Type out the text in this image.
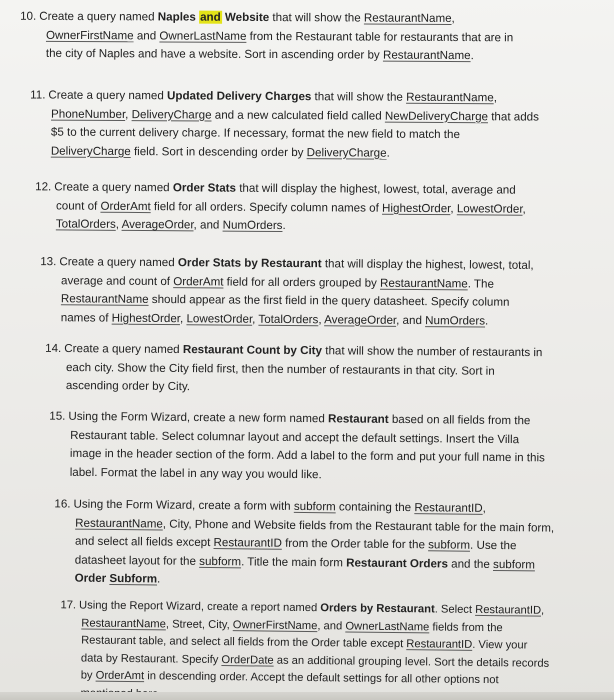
10. Create a query named Naples and Website that will show the RestaurantName,
OwnerFirstName and OwnerLastName from the Restaurant table for restaurants that are in
the city of Naples and have a website. Sort in ascending order by RestaurantName.
11. Create a query named Updated Delivery Charges that will show the RestaurantName,
PhoneNumber, DeliveryCharge and a new calculated field called NewDeliveryCharge that adds
$5 to the current delivery charge. If necessary, format the new field to match the
DeliveryCharge field. Sort in descending order by DeliveryCharge.
12. Create a query named Order Stats that will display the highest, lowest, total, average and
count of OrderAmt field for all orders. Specify column names of HighestOrder, LowestOrder,
TotalOrders, AverageOrder, and NumOrders.
13. Create a query named Order Stats by Restaurant that will display the highest, lowest, total,
average and count of OrderAmt field for all orders grouped by RestaurantName. The
RestaurantName should appear as the first field in the query datasheet. Specify column
names of HighestOrder, LowestOrder, TotalOrders, AverageOrder, and NumOrders.
14. Create a query named Restaurant Count by City that will show the number of restaurants in
each city. Show the City field first, then the number of restaurants in that city. Sort in
ascending order by City.
15. Using the Form Wizard, create a new form named Restaurant based on all fields from the
Restaurant table. Select columnar layout and accept the default settings. Insert the Villa
image in the header section of the form. Add a label to the form and put your full name in this
label. Format the label in any way you would like.
16. Using the Form Wizard, create a form with subform containing the RestaurantID,
RestaurantName, City, Phone and Website fields from the Restaurant table for the main form,
and select all fields except RestaurantID from the Order table for the subform. Use the
datasheet layout for the subform. Title the main form Restaurant Orders and the subform
Order Subform.
17. Using the Report Wizard, create a report named Orders by Restaurant. Select RestaurantID,
RestaurantName, Street, City, OwnerFirstName, and OwnerLastName fields from the
Restaurant table, and select all fields from the Order table except RestaurantID. View your
data by Restaurant. Specify OrderDate as an additional grouping level. Sort the details records
by OrderAmt in descending order. Accept the default settings for all other options not
